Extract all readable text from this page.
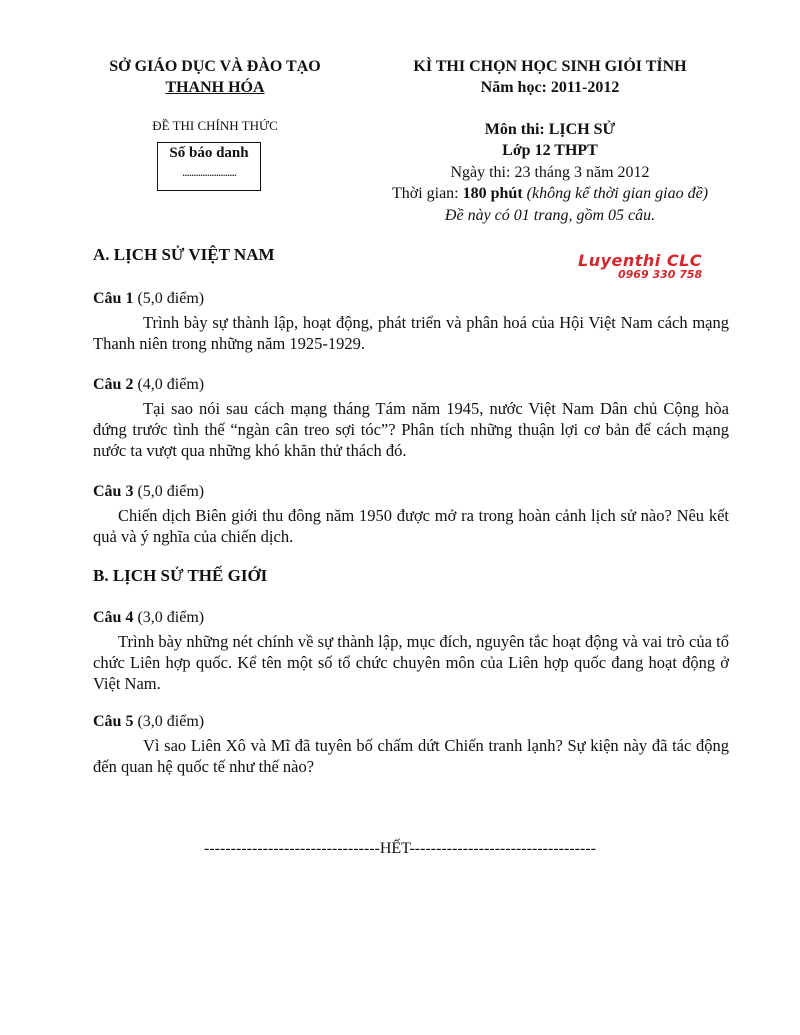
SỞ GIÁO DỤC VÀ ĐÀO TẠO
THANH HÓA
ĐỀ THI CHÍNH THỨC
Số báo danh
........................
KÌ THI CHỌN HỌC SINH GIỎI TỈNH
Năm học: 2011-2012
Môn thi: LỊCH SỬ
Lớp 12 THPT
Ngày thi: 23 tháng 3 năm 2012
Thời gian: 180 phút (không kể thời gian giao đề)
Đề này có 01 trang, gồm 05 câu.
Luyenthi CLC
0969 330 758
A. LỊCH SỬ VIỆT NAM
Câu 1 (5,0 điểm)
Trình bày sự thành lập, hoạt động, phát triển và phân hoá của Hội Việt Nam cách mạng Thanh niên trong những năm 1925-1929.
Câu 2 (4,0 điểm)
Tại sao nói sau cách mạng tháng Tám năm 1945, nước Việt Nam Dân chủ Cộng hòa đứng trước tình thế “ngàn cân treo sợi tóc”? Phân tích những thuận lợi cơ bản để cách mạng nước ta vượt qua những khó khăn thử thách đó.
Câu 3 (5,0 điểm)
Chiến dịch Biên giới thu đông năm 1950 được mở ra trong hoàn cảnh lịch sử nào? Nêu kết quả và ý nghĩa của chiến dịch.
B. LỊCH SỬ THẾ GIỚI
Câu 4 (3,0 điểm)
Trình bày những nét chính về sự thành lập, mục đích, nguyên tắc hoạt động và vai trò của tổ chức Liên hợp quốc. Kể tên một số tổ chức chuyên môn của Liên hợp quốc đang hoạt động ở Việt Nam.
Câu 5 (3,0 điểm)
Vì sao Liên Xô và Mĩ đã tuyên bố chấm dứt Chiến tranh lạnh? Sự kiện này đã tác động đến quan hệ quốc tế như thế nào?
---------------------------------HẾT-----------------------------------
